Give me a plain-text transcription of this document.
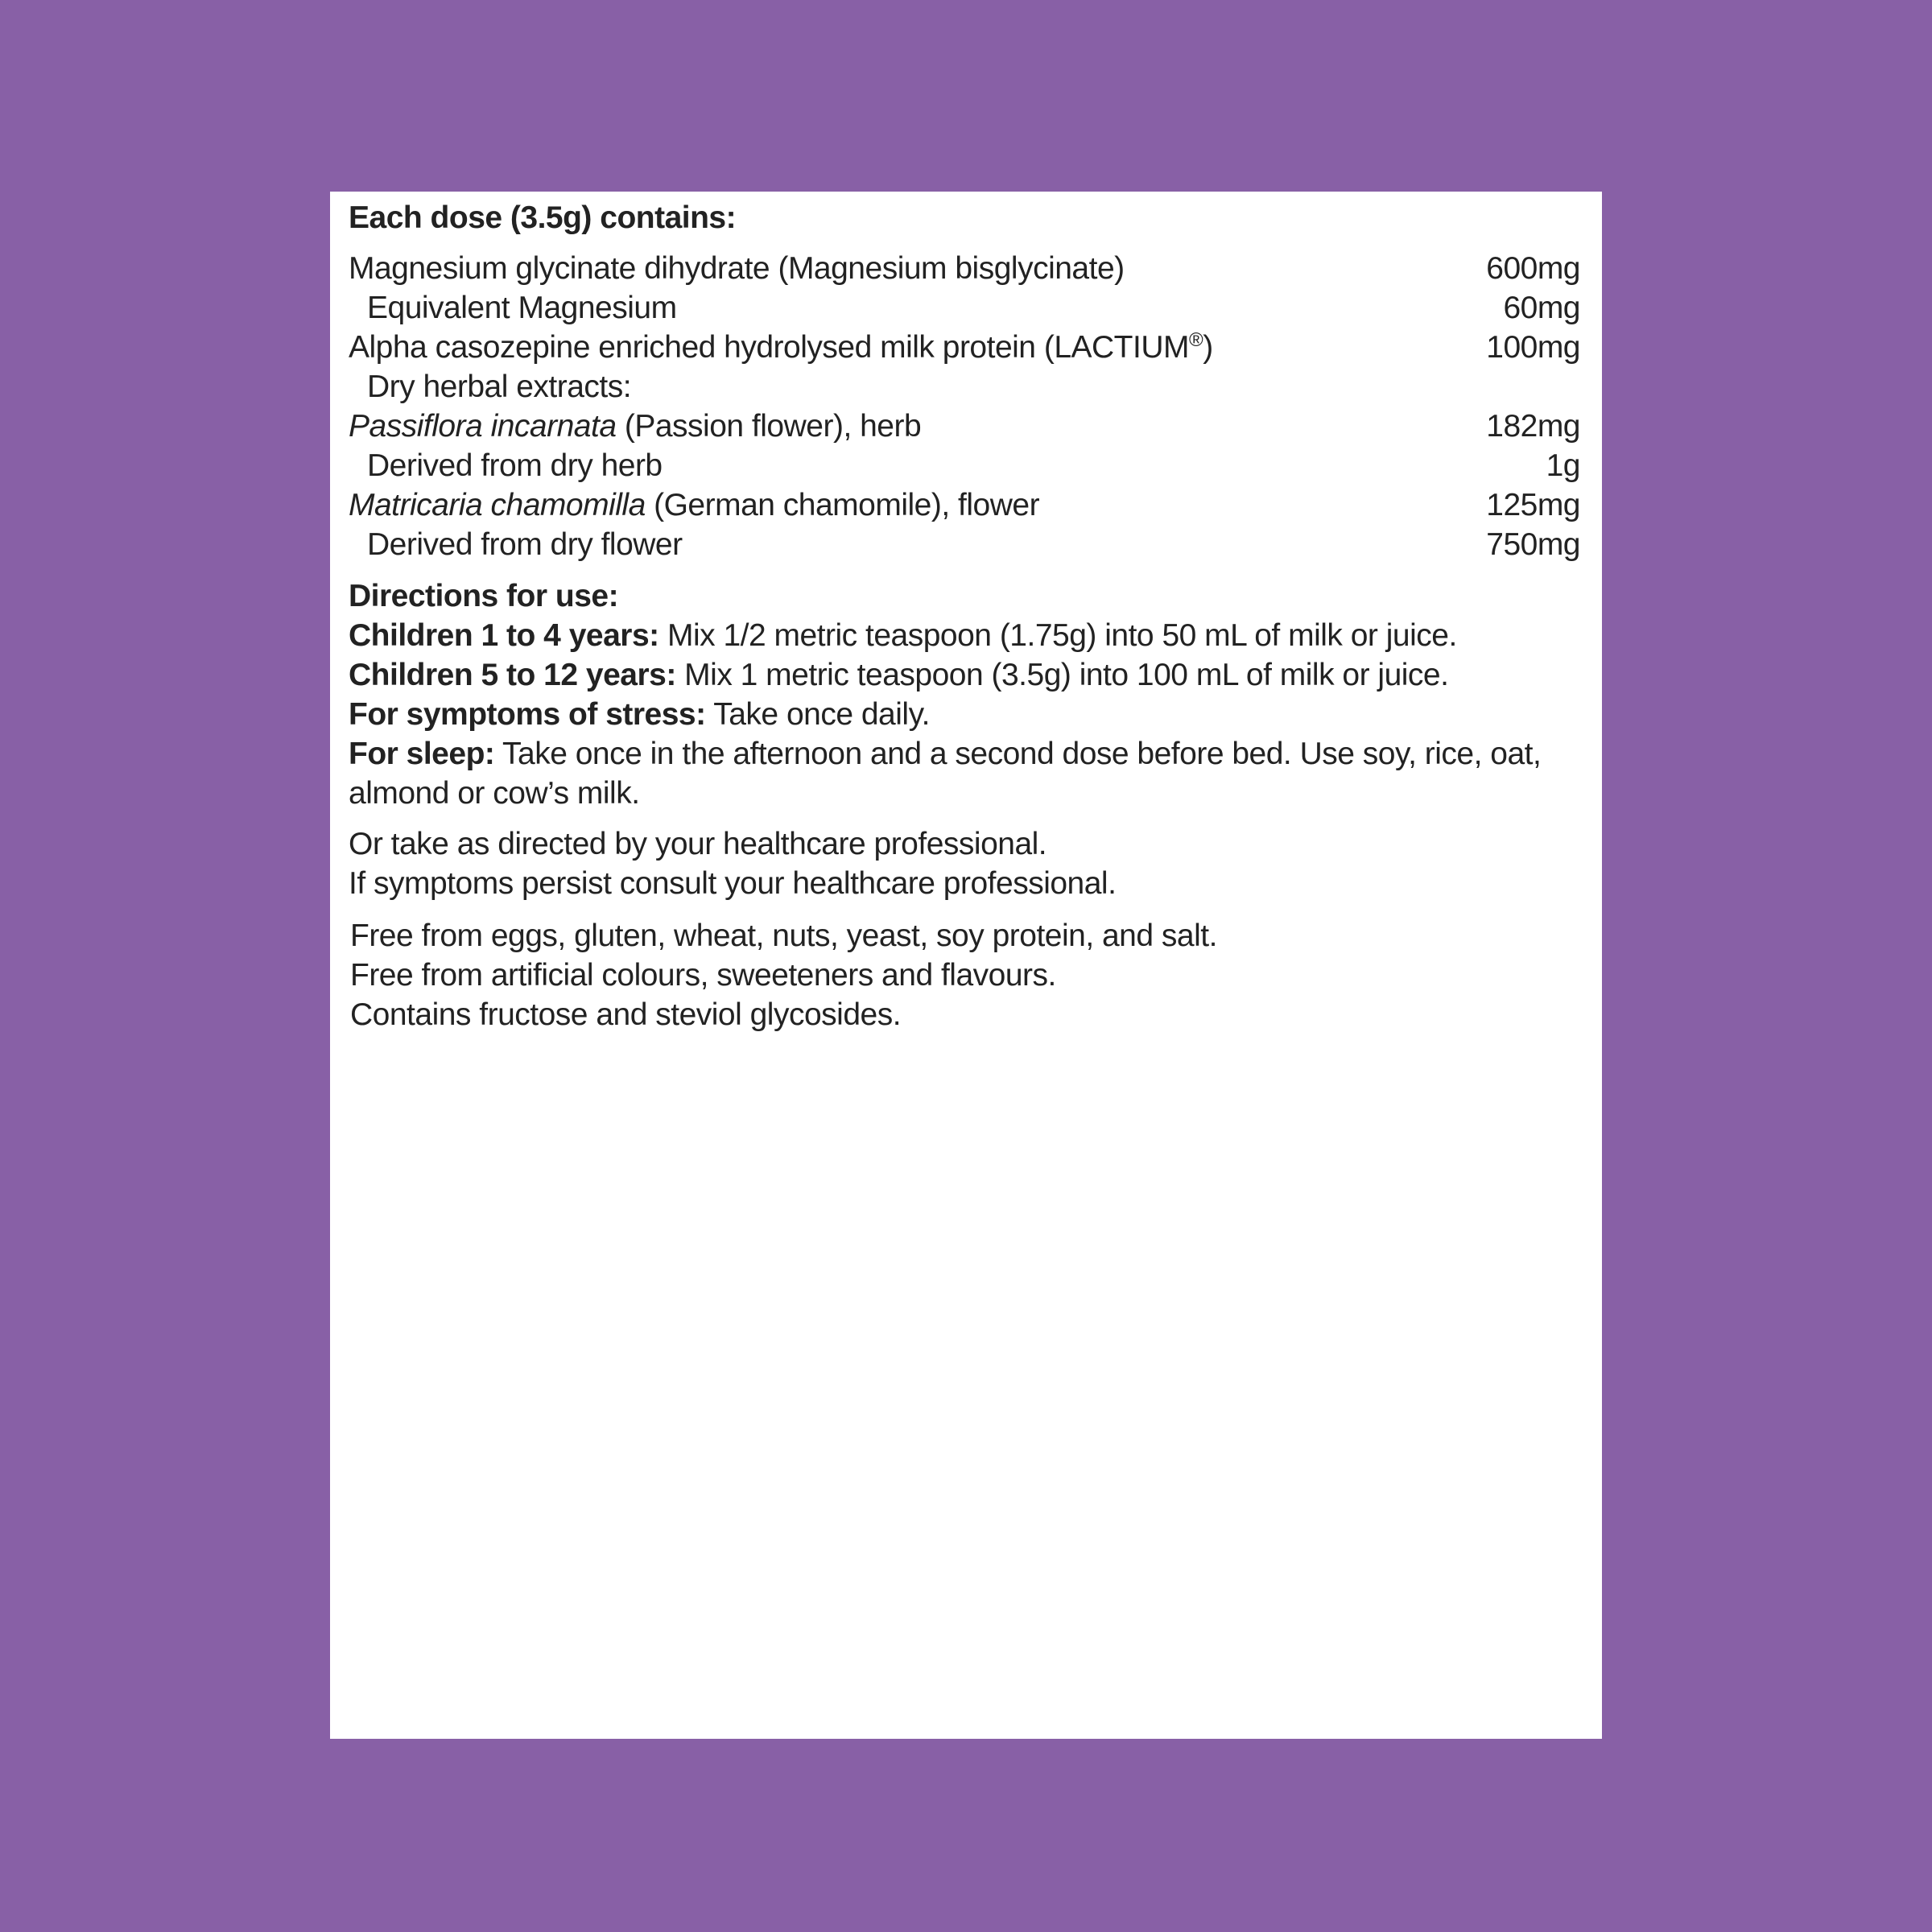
Each dose (3.5g) contains:

Magnesium glycinate dihydrate (Magnesium bisglycinate)	600mg
Equivalent Magnesium	60mg
Alpha casozepine enriched hydrolysed milk protein (LACTIUM®)	100mg
Dry herbal extracts:
Passiflora incarnata (Passion flower), herb	182mg
Derived from dry herb	1g
Matricaria chamomilla (German chamomile), flower	125mg
Derived from dry flower	750mg

Directions for use:

Children 1 to 4 years: Mix 1/2 metric teaspoon (1.75g) into 50 mL of milk or juice.

Children 5 to 12 years: Mix 1 metric teaspoon (3.5g) into 100 mL of milk or juice.

For symptoms of stress: Take once daily.

For sleep: Take once in the afternoon and a second dose before bed. Use soy, rice, oat, almond or cow’s milk.

Or take as directed by your healthcare professional.

If symptoms persist consult your healthcare professional.

Free from eggs, gluten, wheat, nuts, yeast, soy protein, and salt.

Free from artificial colours, sweeteners and flavours.

Contains fructose and steviol glycosides.
